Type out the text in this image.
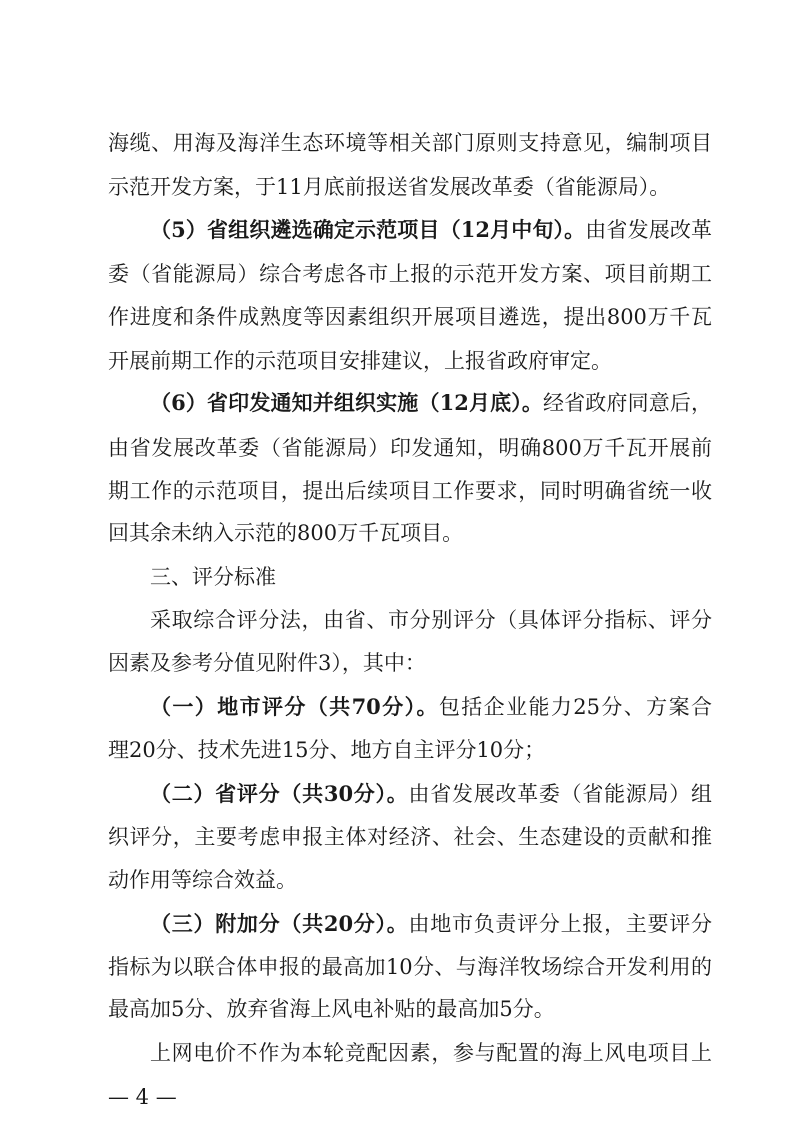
海缆、用海及海洋生态环境等相关部门原则支持意见，编制项目
示范开发方案，于11月底前报送省发展改革委（省能源局）。
（5）省组织遴选确定示范项目（12月中旬）。由省发展改革
委（省能源局）综合考虑各市上报的示范开发方案、项目前期工
作进度和条件成熟度等因素组织开展项目遴选，提出800万千瓦
开展前期工作的示范项目安排建议，上报省政府审定。
（6）省印发通知并组织实施（12月底）。经省政府同意后，
由省发展改革委（省能源局）印发通知，明确800万千瓦开展前
期工作的示范项目，提出后续项目工作要求，同时明确省统一收
回其余未纳入示范的800万千瓦项目。
三、评分标准
采取综合评分法，由省、市分别评分（具体评分指标、评分
因素及参考分值见附件3），其中：
（一）地市评分（共70分）。包括企业能力25分、方案合
理20分、技术先进15分、地方自主评分10分；
（二）省评分（共30分）。由省发展改革委（省能源局）组
织评分，主要考虑申报主体对经济、社会、生态建设的贡献和推
动作用等综合效益。
（三）附加分（共20分）。由地市负责评分上报，主要评分
指标为以联合体申报的最高加10分、与海洋牧场综合开发利用的
最高加5分、放弃省海上风电补贴的最高加5分。
上网电价不作为本轮竞配因素，参与配置的海上风电项目上
— 4 —
